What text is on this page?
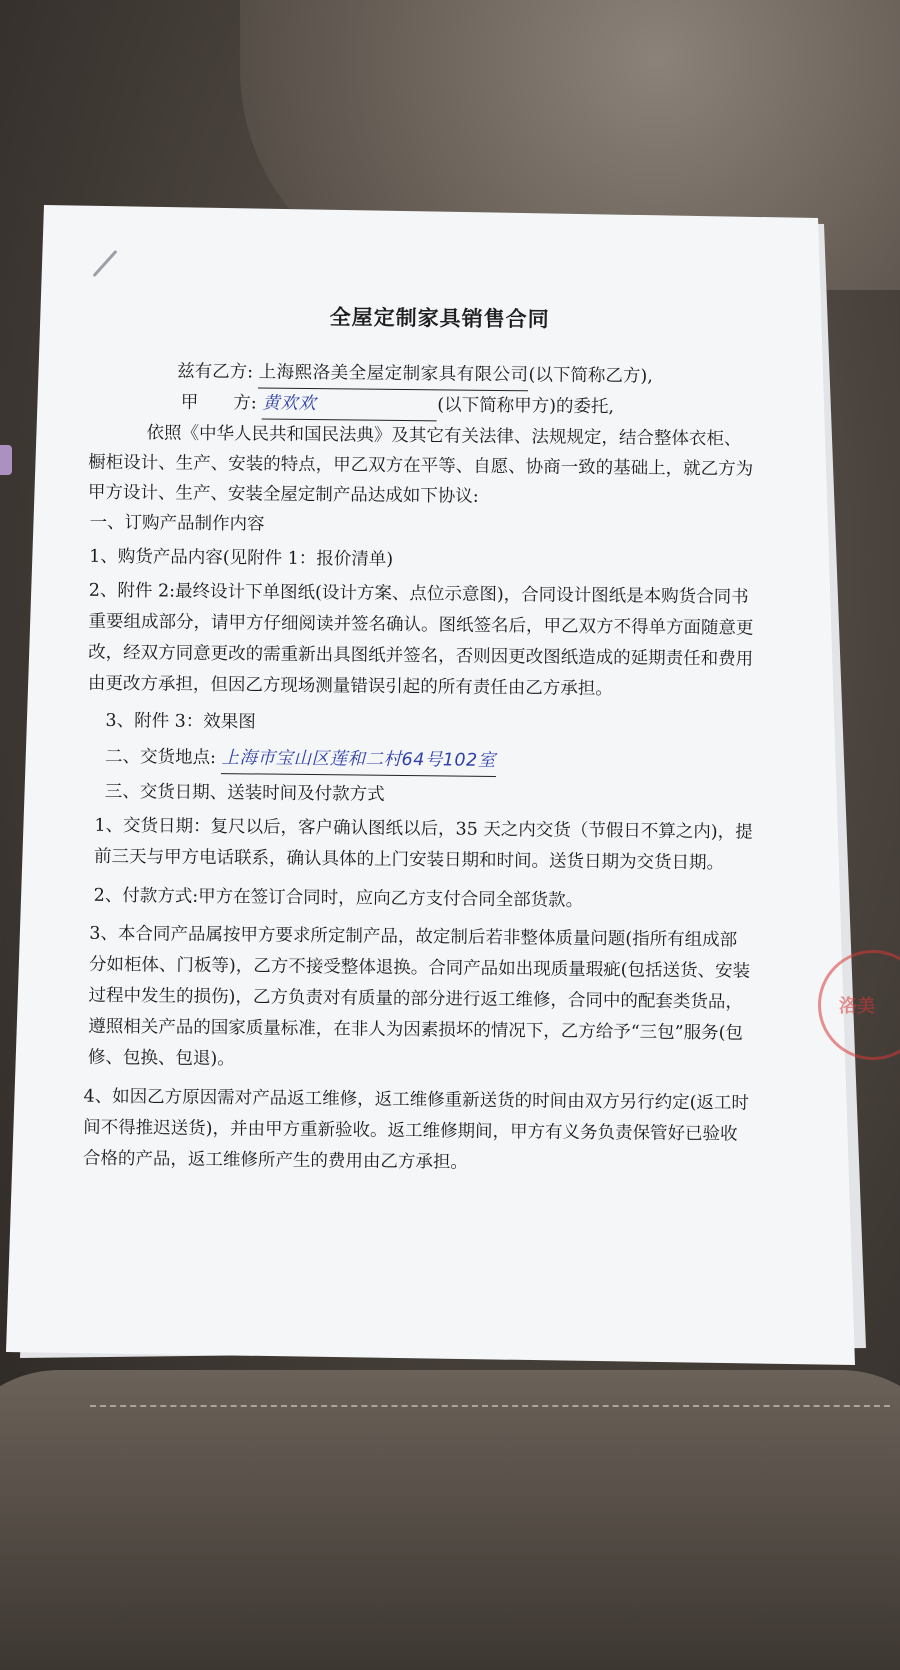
全屋定制家具销售合同

兹有乙方: 上海熙洛美全屋定制家具有限公司(以下简称乙方),

甲　　方: 黄欢欢	(以下简称甲方)的委托,

依照《中华人民共和国民法典》及其它有关法律、法规规定，结合整体衣柜、橱柜设计、生产、安装的特点，甲乙双方在平等、自愿、协商一致的基础上，就乙方为甲方设计、生产、安装全屋定制产品达成如下协议:

一、订购产品制作内容

1、购货产品内容(见附件 1：报价清单)

2、附件 2:最终设计下单图纸(设计方案、点位示意图)，合同设计图纸是本购货合同书重要组成部分，请甲方仔细阅读并签名确认。图纸签名后，甲乙双方不得单方面随意更改，经双方同意更改的需重新出具图纸并签名，否则因更改图纸造成的延期责任和费用由更改方承担，但因乙方现场测量错误引起的所有责任由乙方承担。

3、附件 3：效果图

二、交货地点: 上海市宝山区莲和二村64号102室

三、交货日期、送装时间及付款方式

1、交货日期：复尺以后，客户确认图纸以后，35 天之内交货（节假日不算之内)，提前三天与甲方电话联系，确认具体的上门安装日期和时间。送货日期为交货日期。

2、付款方式:甲方在签订合同时，应向乙方支付合同全部货款。

3、本合同产品属按甲方要求所定制产品，故定制后若非整体质量问题(指所有组成部分如柜体、门板等)，乙方不接受整体退换。合同产品如出现质量瑕疵(包括送货、安装过程中发生的损伤)，乙方负责对有质量的部分进行返工维修，合同中的配套类货品，遵照相关产品的国家质量标准，在非人为因素损坏的情况下，乙方给予“三包”服务(包修、包换、包退)。

4、如因乙方原因需对产品返工维修，返工维修重新送货的时间由双方另行约定(返工时间不得推迟送货)，并由甲方重新验收。返工维修期间，甲方有义务负责保管好已验收合格的产品，返工维修所产生的费用由乙方承担。

洛美
